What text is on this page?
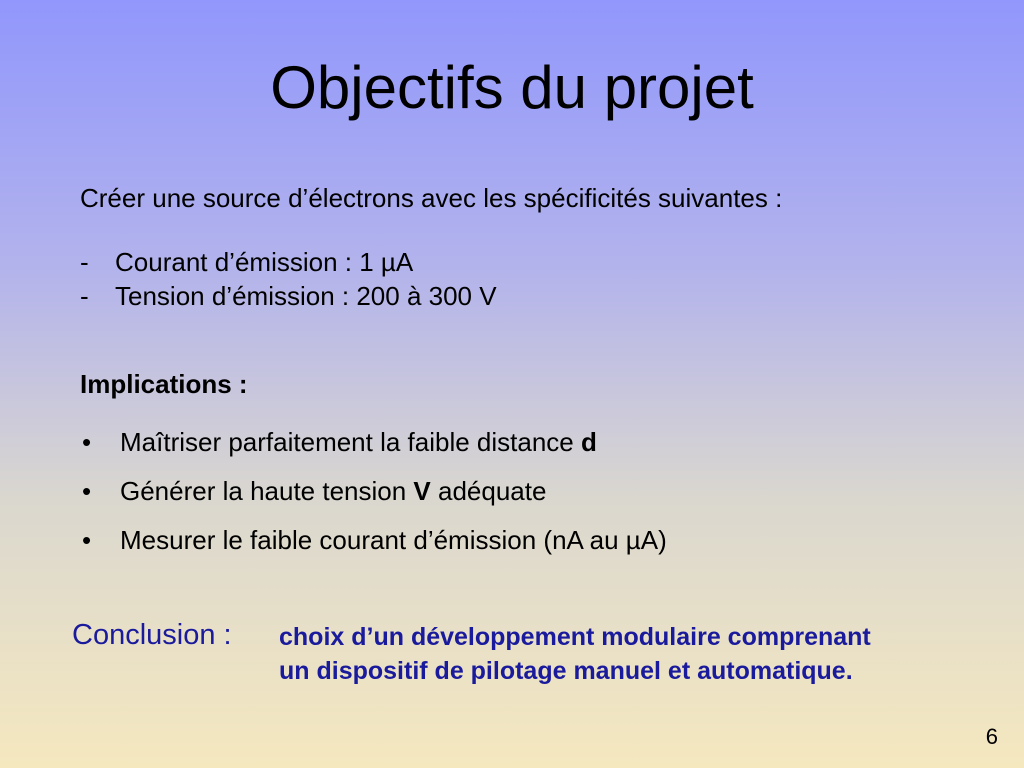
Objectifs du projet

Créer une source d’électrons avec les spécificités suivantes :

-	Courant d’émission : 1 µA
-	Tension d’émission : 200 à 300 V

Implications :

•	Maîtriser parfaitement la faible distance d
•	Générer la haute tension V adéquate
•	Mesurer le faible courant d’émission (nA au µA)

Conclusion : choix d’un développement modulaire comprenant
un dispositif de pilotage manuel et automatique.

6
